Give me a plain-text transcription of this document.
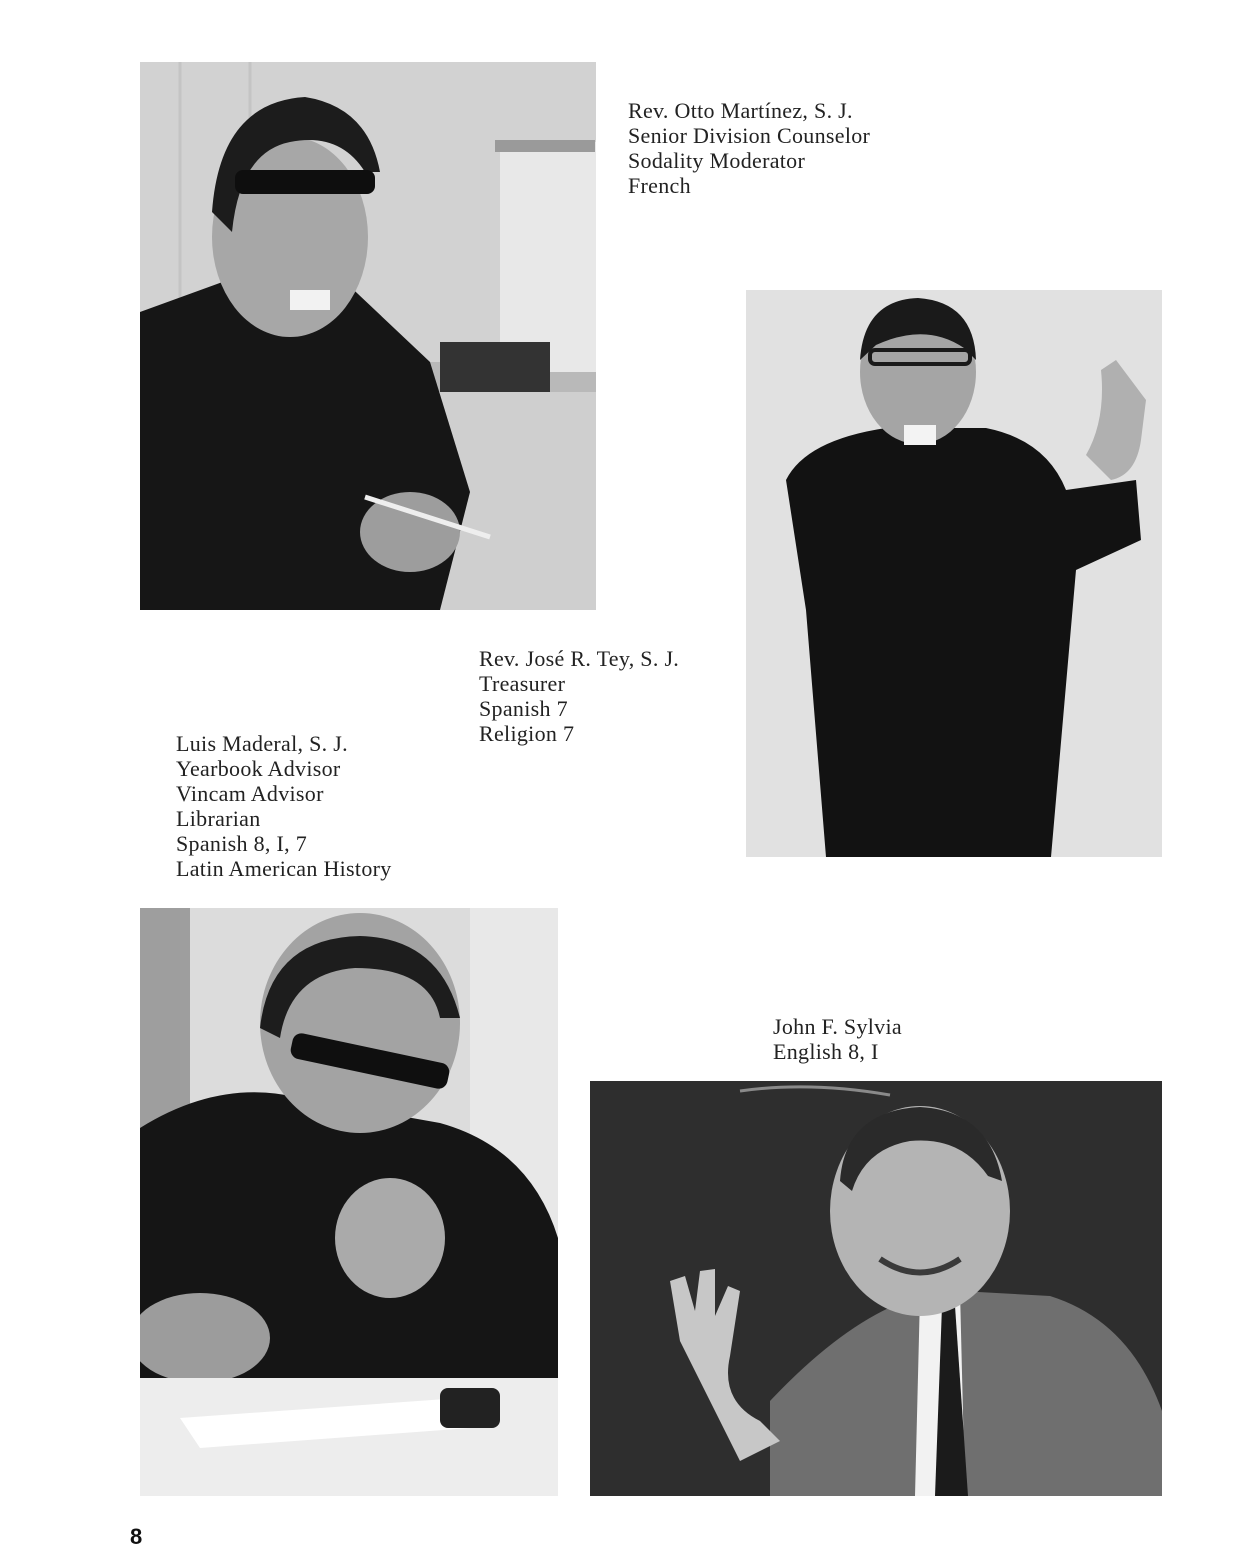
Rev. Otto Martínez, S. J.
Senior Division Counselor
Sodality Moderator
French
Rev. José R. Tey, S. J.
Treasurer
Spanish 7
Religion 7
Luis Maderal, S. J.
Yearbook Advisor
Vincam Advisor
Librarian
Spanish 8, I, 7
Latin American History
John F. Sylvia
English 8, I
8
